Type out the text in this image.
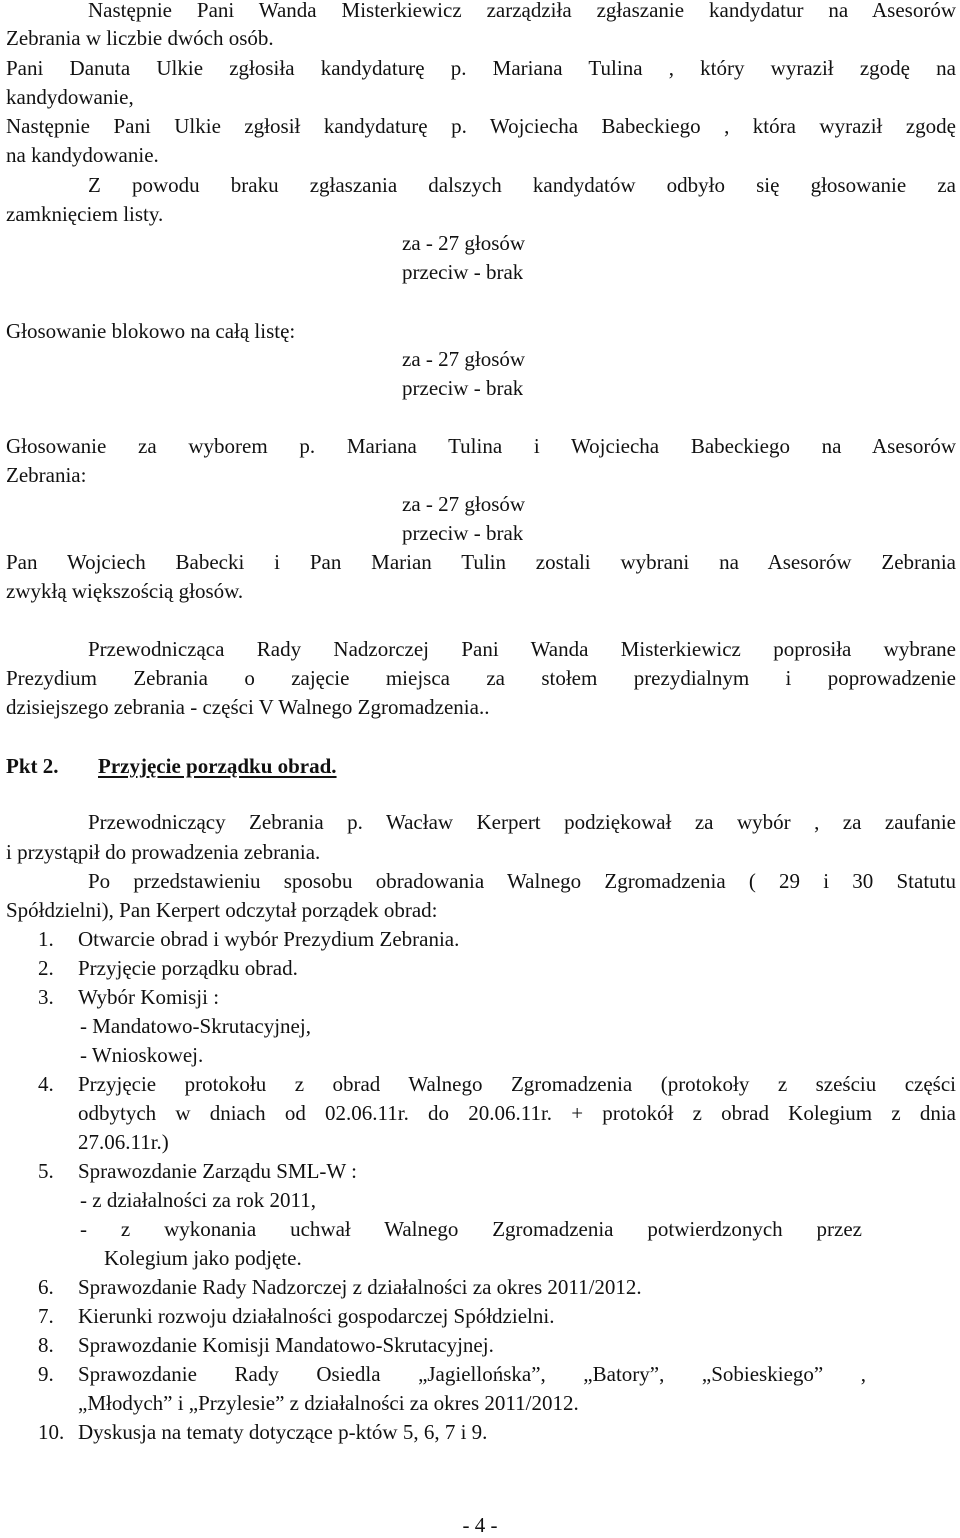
Następnie Pani Wanda Misterkiewicz zarządziła zgłaszanie kandydatur na Asesorów
Zebrania w liczbie dwóch osób.
Pani Danuta Ulkie zgłosiła kandydaturę p. Mariana Tulina , który wyraził zgodę na
kandydowanie,
Następnie Pani Ulkie zgłosił kandydaturę p. Wojciecha Babeckiego , która wyraził zgodę
na kandydowanie.
Z powodu braku zgłaszania dalszych kandydatów odbyło się głosowanie za
zamknięciem listy.
za - 27 głosów
przeciw - brak
Głosowanie blokowo na całą listę:
za - 27 głosów
przeciw - brak
Głosowanie za wyborem p. Mariana Tulina i Wojciecha Babeckiego na Asesorów
Zebrania:
za - 27 głosów
przeciw - brak
Pan Wojciech Babecki i Pan Marian Tulin zostali wybrani na Asesorów Zebrania
zwykłą większością głosów.
Przewodnicząca Rady Nadzorczej Pani Wanda Misterkiewicz poprosiła wybrane
Prezydium Zebrania o zajęcie miejsca za stołem prezydialnym i poprowadzenie
dzisiejszego zebrania - części V Walnego Zgromadzenia..
Pkt 2. Przyjęcie porządku obrad.
Przewodniczący Zebrania p. Wacław Kerpert podziękował za wybór , za zaufanie
i przystąpił do prowadzenia zebrania.
Po przedstawieniu sposobu obradowania Walnego Zgromadzenia ( 29 i 30 Statutu
Spółdzielni), Pan Kerpert odczytał porządek obrad:
1.	Otwarcie obrad i wybór Prezydium Zebrania.
2.	Przyjęcie porządku obrad.
3.	Wybór Komisji :
- Mandatowo-Skrutacyjnej,
- Wnioskowej.
4.	Przyjęcie protokołu z obrad Walnego Zgromadzenia (protokoły z sześciu części
odbytych w dniach od 02.06.11r. do 20.06.11r. + protokół z obrad Kolegium z dnia
27.06.11r.)
5.	Sprawozdanie Zarządu SML-W :
- z działalności za rok 2011,
- z wykonania uchwał Walnego Zgromadzenia potwierdzonych przez
Kolegium jako podjęte.
6.	Sprawozdanie Rady Nadzorczej z działalności za okres 2011/2012.
7.	Kierunki rozwoju działalności gospodarczej Spółdzielni.
8.	Sprawozdanie Komisji Mandatowo-Skrutacyjnej.
9.	Sprawozdanie Rady Osiedla „Jagiellońska”, „Batory”, „Sobieskiego” ,
„Młodych” i „Przylesie” z działalności za okres 2011/2012.
10. Dyskusja na tematy dotyczące p-któw 5, 6, 7 i 9.
- 4 -
